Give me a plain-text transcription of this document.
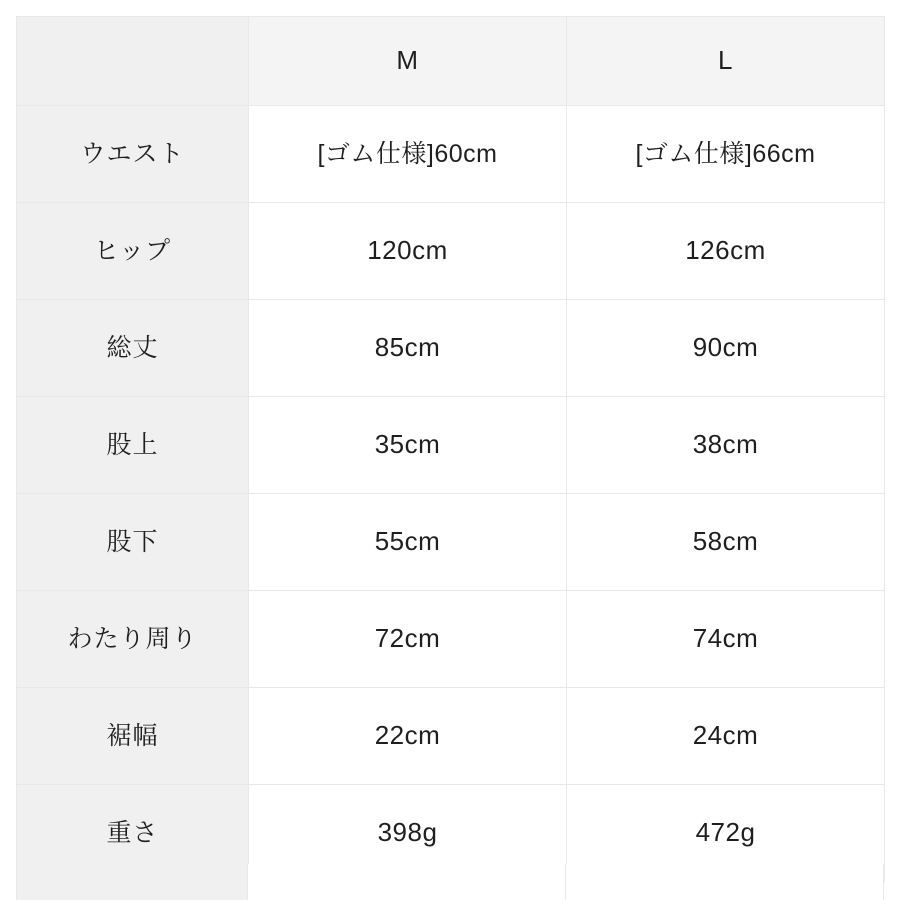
	M	L
ウエスト	[ゴム仕様]60cm	[ゴム仕様]66cm
ヒップ	120cm	126cm
総丈	85cm	90cm
股上	35cm	38cm
股下	55cm	58cm
わたり周り	72cm	74cm
裾幅	22cm	24cm
重さ	398g	472g
